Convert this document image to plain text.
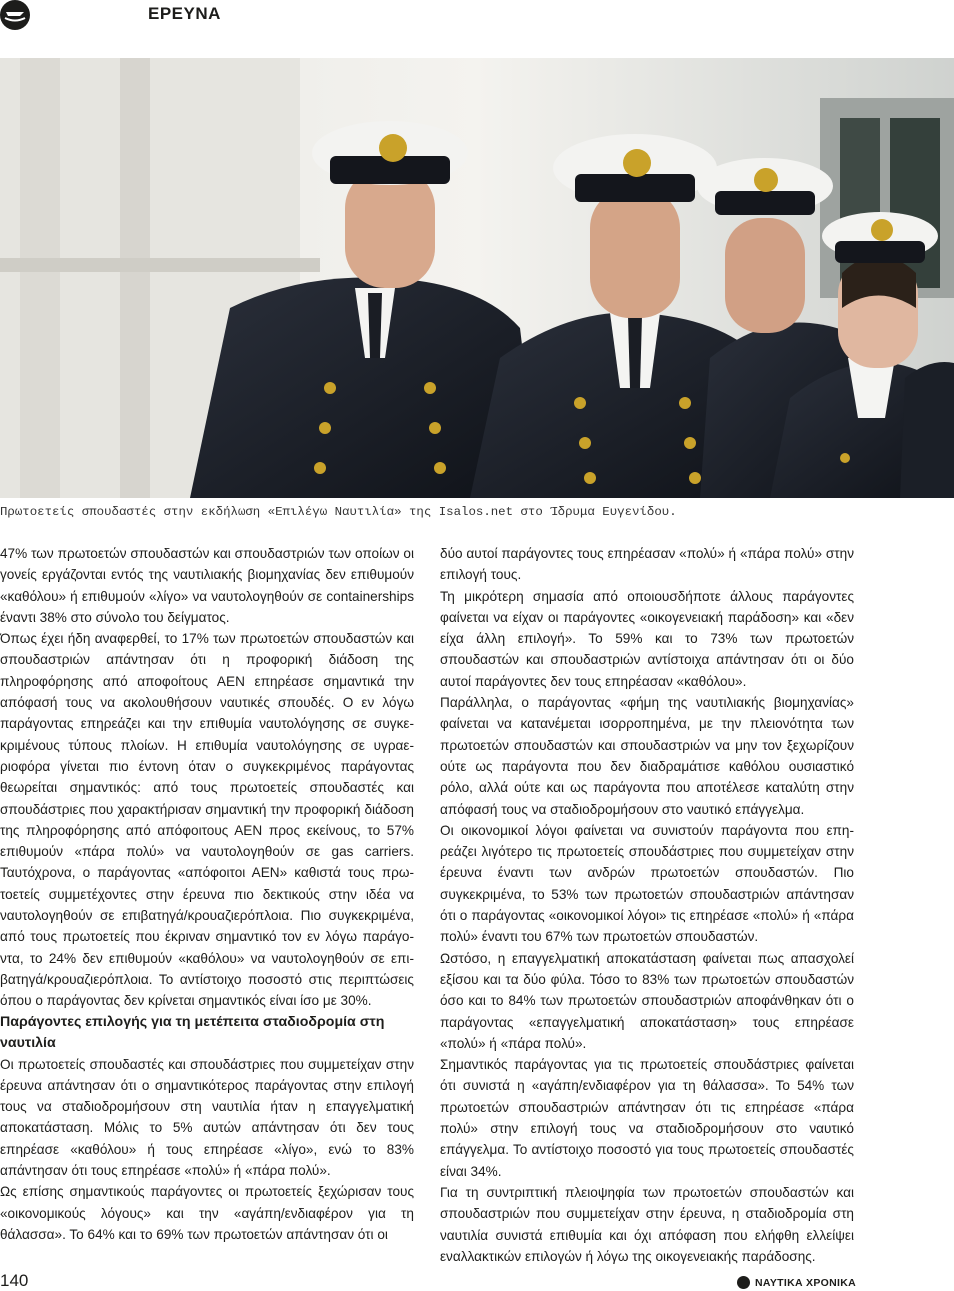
ΕΡΕΥΝΑ
Πρωτοετείς σπουδαστές στην εκδήλωση «Επιλέγω Ναυτιλία» της Isalos.net στο Ίδρυμα Ευγενίδου.

47% των πρωτοετών σπουδαστών και σπουδαστριών των οποίων οι γονείς εργάζονται εντός της ναυτιλιακής βιομηχανίας δεν επιθυμούν «καθόλου» ή επιθυμούν «λίγο» να ναυτολογηθούν σε containerships έναντι 38% στο σύνολο του δείγματος.

Όπως έχει ήδη αναφερθεί, το 17% των πρωτοετών σπουδαστών και σπουδαστριών απάντησαν ότι η προφορική διάδοση της πληροφόρησης από αποφοίτους ΑΕΝ επηρέασε σημαντικά την απόφασή τους να ακολουθήσουν ναυτικές σπουδές. Ο εν λόγω παράγοντας επηρεάζει και την επιθυμία ναυτολόγησης σε συγκεκριμένους τύπους πλοίων. Η επιθυμία ναυτολόγησης σε υγραεριοφόρα γίνεται πιο έντονη όταν ο συγκεκριμένος παράγοντας θεωρείται σημαντικός: από τους πρωτοετείς σπουδαστές και σπουδάστριες που χαρακτήρισαν σημαντική την προφορική διάδοση της πληροφόρησης από απόφοιτους ΑΕΝ προς εκείνους, το 57% επιθυμούν «πάρα πολύ» να ναυτολογηθούν σε gas carriers. Ταυτόχρονα, ο παράγοντας «απόφοιτοι ΑΕΝ» καθιστά τους πρωτοετείς συμμετέχοντες στην έρευνα πιο δεκτικούς στην ιδέα να ναυτολογηθούν σε επιβατηγά/κρουαζιερόπλοια. Πιο συγκεκριμένα, από τους πρωτοετείς που έκριναν σημαντικό τον εν λόγω παράγοντα, το 24% δεν επιθυμούν «καθόλου» να ναυτολογηθούν σε επιβατηγά/κρουαζιερόπλοια. Το αντίστοιχο ποσοστό στις περιπτώσεις όπου ο παράγοντας δεν κρίνεται σημαντικός είναι ίσο με 30%.

Παράγοντες επιλογής για τη μετέπειτα σταδιοδρομία στη ναυτιλία

Οι πρωτοετείς σπουδαστές και σπουδάστριες που συμμετείχαν στην έρευνα απάντησαν ότι ο σημαντικότερος παράγοντας στην επιλογή τους να σταδιοδρομήσουν στη ναυτιλία ήταν η επαγγελματική αποκατάσταση. Μόλις το 5% αυτών απάντησαν ότι δεν τους επηρέασε «καθόλου» ή τους επηρέασε «λίγο», ενώ το 83% απάντησαν ότι τους επηρέασε «πολύ» ή «πάρα πολύ».

Ως επίσης σημαντικούς παράγοντες οι πρωτοετείς ξεχώρισαν τους «οικονομικούς λόγους» και την «αγάπη/ενδιαφέρον για τη θάλασσα». Το 64% και το 69% των πρωτοετών απάντησαν ότι οι

δύο αυτοί παράγοντες τους επηρέασαν «πολύ» ή «πάρα πολύ» στην επιλογή τους.

Τη μικρότερη σημασία από οποιουσδήποτε άλλους παράγοντες φαίνεται να είχαν οι παράγοντες «οικογενειακή παράδοση» και «δεν είχα άλλη επιλογή». Το 59% και το 73% των πρωτοετών σπουδαστών και σπουδαστριών αντίστοιχα απάντησαν ότι οι δύο αυτοί παράγοντες δεν τους επηρέασαν «καθόλου».

Παράλληλα, ο παράγοντας «φήμη της ναυτιλιακής βιομηχανίας» φαίνεται να κατανέμεται ισορροπημένα, με την πλειονότητα των πρωτοετών σπουδαστών και σπουδαστριών να μην τον ξεχωρίζουν ούτε ως παράγοντα που δεν διαδραμάτισε καθόλου ουσιαστικό ρόλο, αλλά ούτε και ως παράγοντα που αποτέλεσε καταλύτη στην απόφασή τους να σταδιοδρομήσουν στο ναυτικό επάγγελμα.

Οι οικονομικοί λόγοι φαίνεται να συνιστούν παράγοντα που επηρεάζει λιγότερο τις πρωτοετείς σπουδάστριες που συμμετείχαν στην έρευνα έναντι των ανδρών πρωτοετών σπουδαστών. Πιο συγκεκριμένα, το 53% των πρωτοετών σπουδαστριών απάντησαν ότι ο παράγοντας «οικονομικοί λόγοι» τις επηρέασε «πολύ» ή «πάρα πολύ» έναντι του 67% των πρωτοετών σπουδαστών.

Ωστόσο, η επαγγελματική αποκατάσταση φαίνεται πως απασχολεί εξίσου και τα δύο φύλα. Τόσο το 83% των πρωτοετών σπουδαστών όσο και το 84% των πρωτοετών σπουδαστριών αποφάνθηκαν ότι ο παράγοντας «επαγγελματική αποκατάσταση» τους επηρέασε «πολύ» ή «πάρα πολύ».

Σημαντικός παράγοντας για τις πρωτοετείς σπουδάστριες φαίνεται ότι συνιστά η «αγάπη/ενδιαφέρον για τη θάλασσα». Το 54% των πρωτοετών σπουδαστριών απάντησαν ότι τις επηρέασε «πάρα πολύ» στην επιλογή τους να σταδιοδρομήσουν στο ναυτικό επάγγελμα. Το αντίστοιχο ποσοστό για τους πρωτοετείς σπουδαστές είναι 34%.

Για τη συντριπτική πλειοψηφία των πρωτοετών σπουδαστών και σπουδαστριών που συμμετείχαν στην έρευνα, η σταδιοδρομία στη ναυτιλία συνιστά επιθυμία και όχι απόφαση που ελήφθη ελλείψει εναλλακτικών επιλογών ή λόγω της οικογενειακής παράδοσης.

140	ΝΑΥΤΙΚΑ ΧΡΟΝΙΚΑ
